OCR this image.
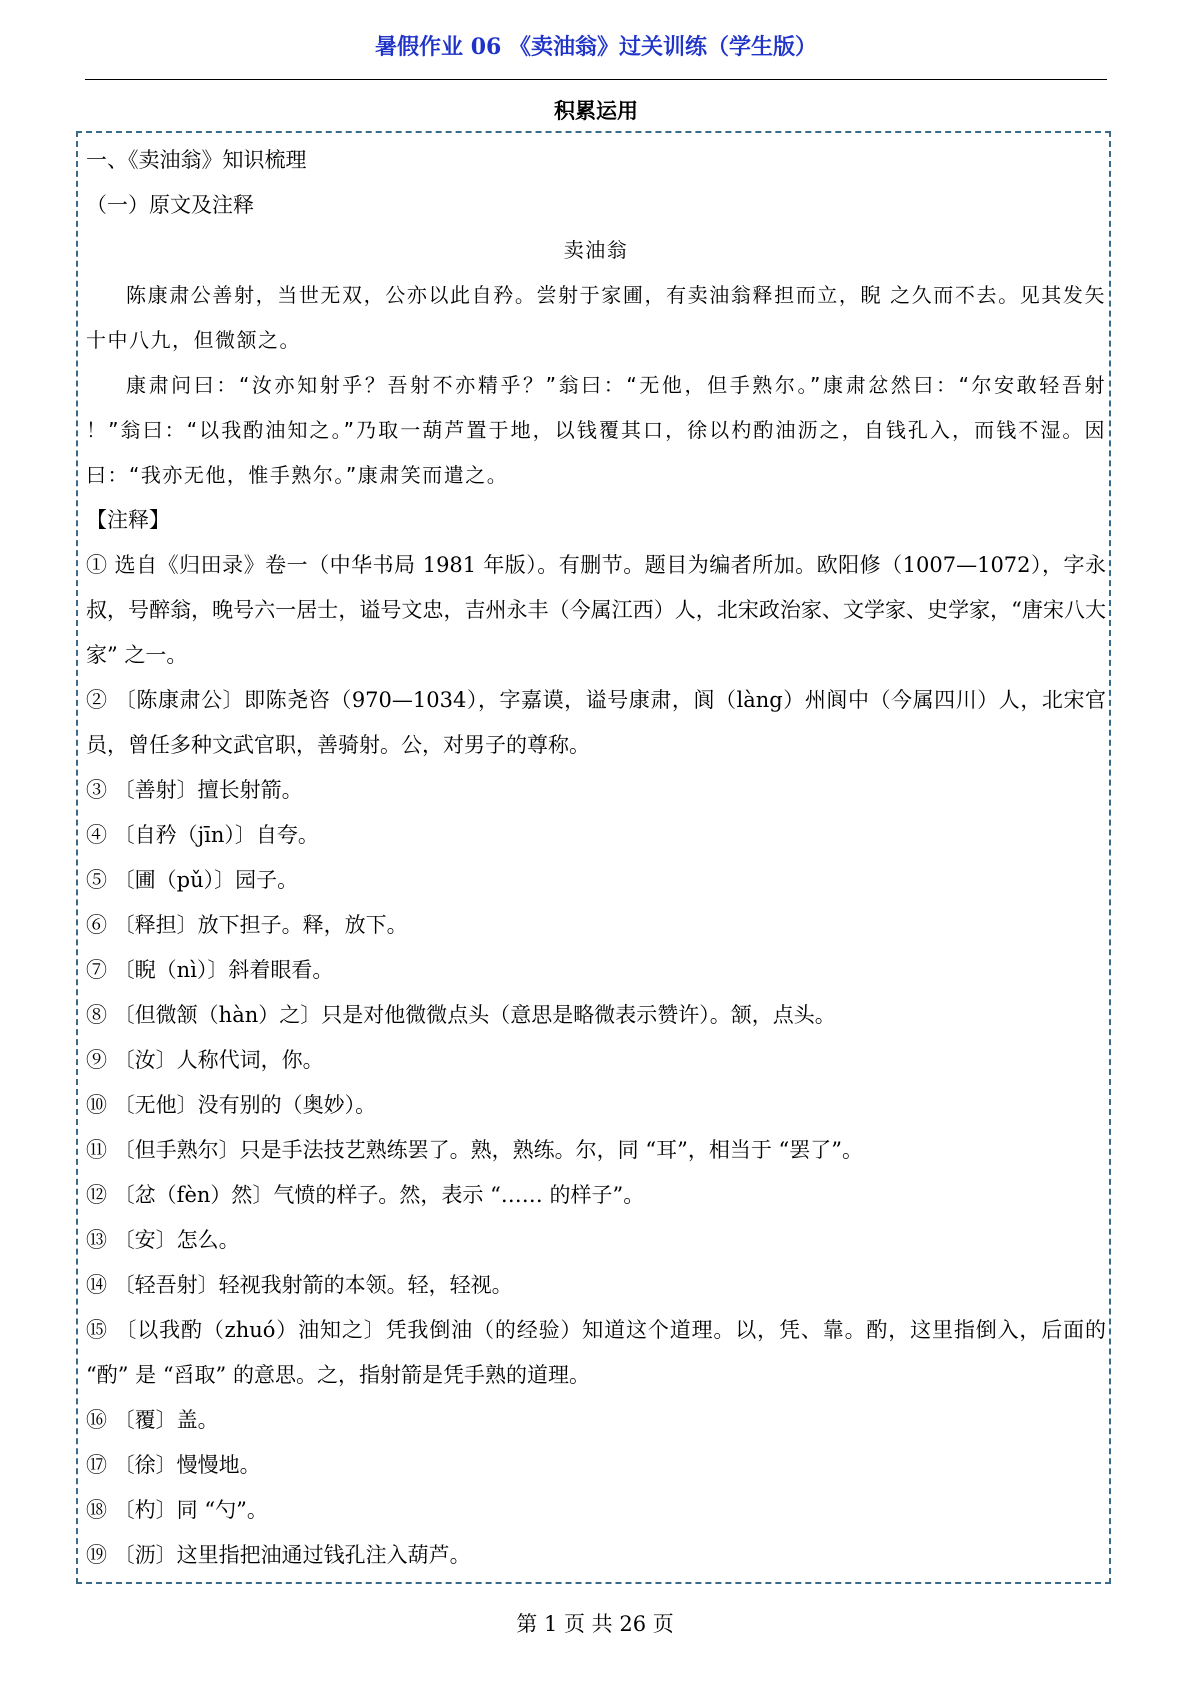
暑假作业 06 《卖油翁》过关训练（学生版）
积累运用

一、《卖油翁》知识梳理

（一）原文及注释

卖油翁

陈康肃公善射，当世无双，公亦以此自矜。尝射于家圃，有卖油翁释担而立，睨 之久而不去。见其发矢十中八九，但微颔之。

康肃问曰：“汝亦知射乎？吾射不亦精乎？”翁曰：“无他，但手熟尔。”康肃忿然曰：“尔安敢轻吾射 ！”翁曰：“以我酌油知之。”乃取一葫芦置于地，以钱覆其口，徐以杓酌油沥之，自钱孔入，而钱不湿。因曰：“我亦无他，惟手熟尔。”康肃笑而遣之。

【注释】

① 选自《归田录》卷一（中华书局 1981 年版）。有删节。题目为编者所加。欧阳修（1007—1072），字永叔，号醉翁，晚号六一居士，谥号文忠，吉州永丰（今属江西）人，北宋政治家、文学家、史学家，“唐宋八大家” 之一。

② 〔陈康肃公〕即陈尧咨（970—1034），字嘉谟，谥号康肃，阆（làng）州阆中（今属四川）人，北宋官员，曾任多种文武官职，善骑射。公，对男子的尊称。

③ 〔善射〕擅长射箭。

④ 〔自矜（jīn）〕自夸。

⑤ 〔圃（pǔ）〕园子。

⑥ 〔释担〕放下担子。释，放下。

⑦ 〔睨（nì）〕斜着眼看。

⑧ 〔但微颔（hàn）之〕只是对他微微点头（意思是略微表示赞许）。颔，点头。

⑨ 〔汝〕人称代词，你。

⑩ 〔无他〕没有别的（奥妙）。

⑪ 〔但手熟尔〕只是手法技艺熟练罢了。熟，熟练。尔，同 “耳”，相当于 “罢了”。

⑫ 〔忿（fèn）然〕气愤的样子。然，表示 “…… 的样子”。

⑬ 〔安〕怎么。

⑭ 〔轻吾射〕轻视我射箭的本领。轻，轻视。

⑮ 〔以我酌（zhuó）油知之〕凭我倒油（的经验）知道这个道理。以，凭、靠。酌，这里指倒入，后面的 “酌” 是 “舀取” 的意思。之，指射箭是凭手熟的道理。

⑯ 〔覆〕盖。

⑰ 〔徐〕慢慢地。

⑱ 〔杓〕同 “勺”。

⑲ 〔沥〕这里指把油通过钱孔注入葫芦。

第 1 页 共 26 页
